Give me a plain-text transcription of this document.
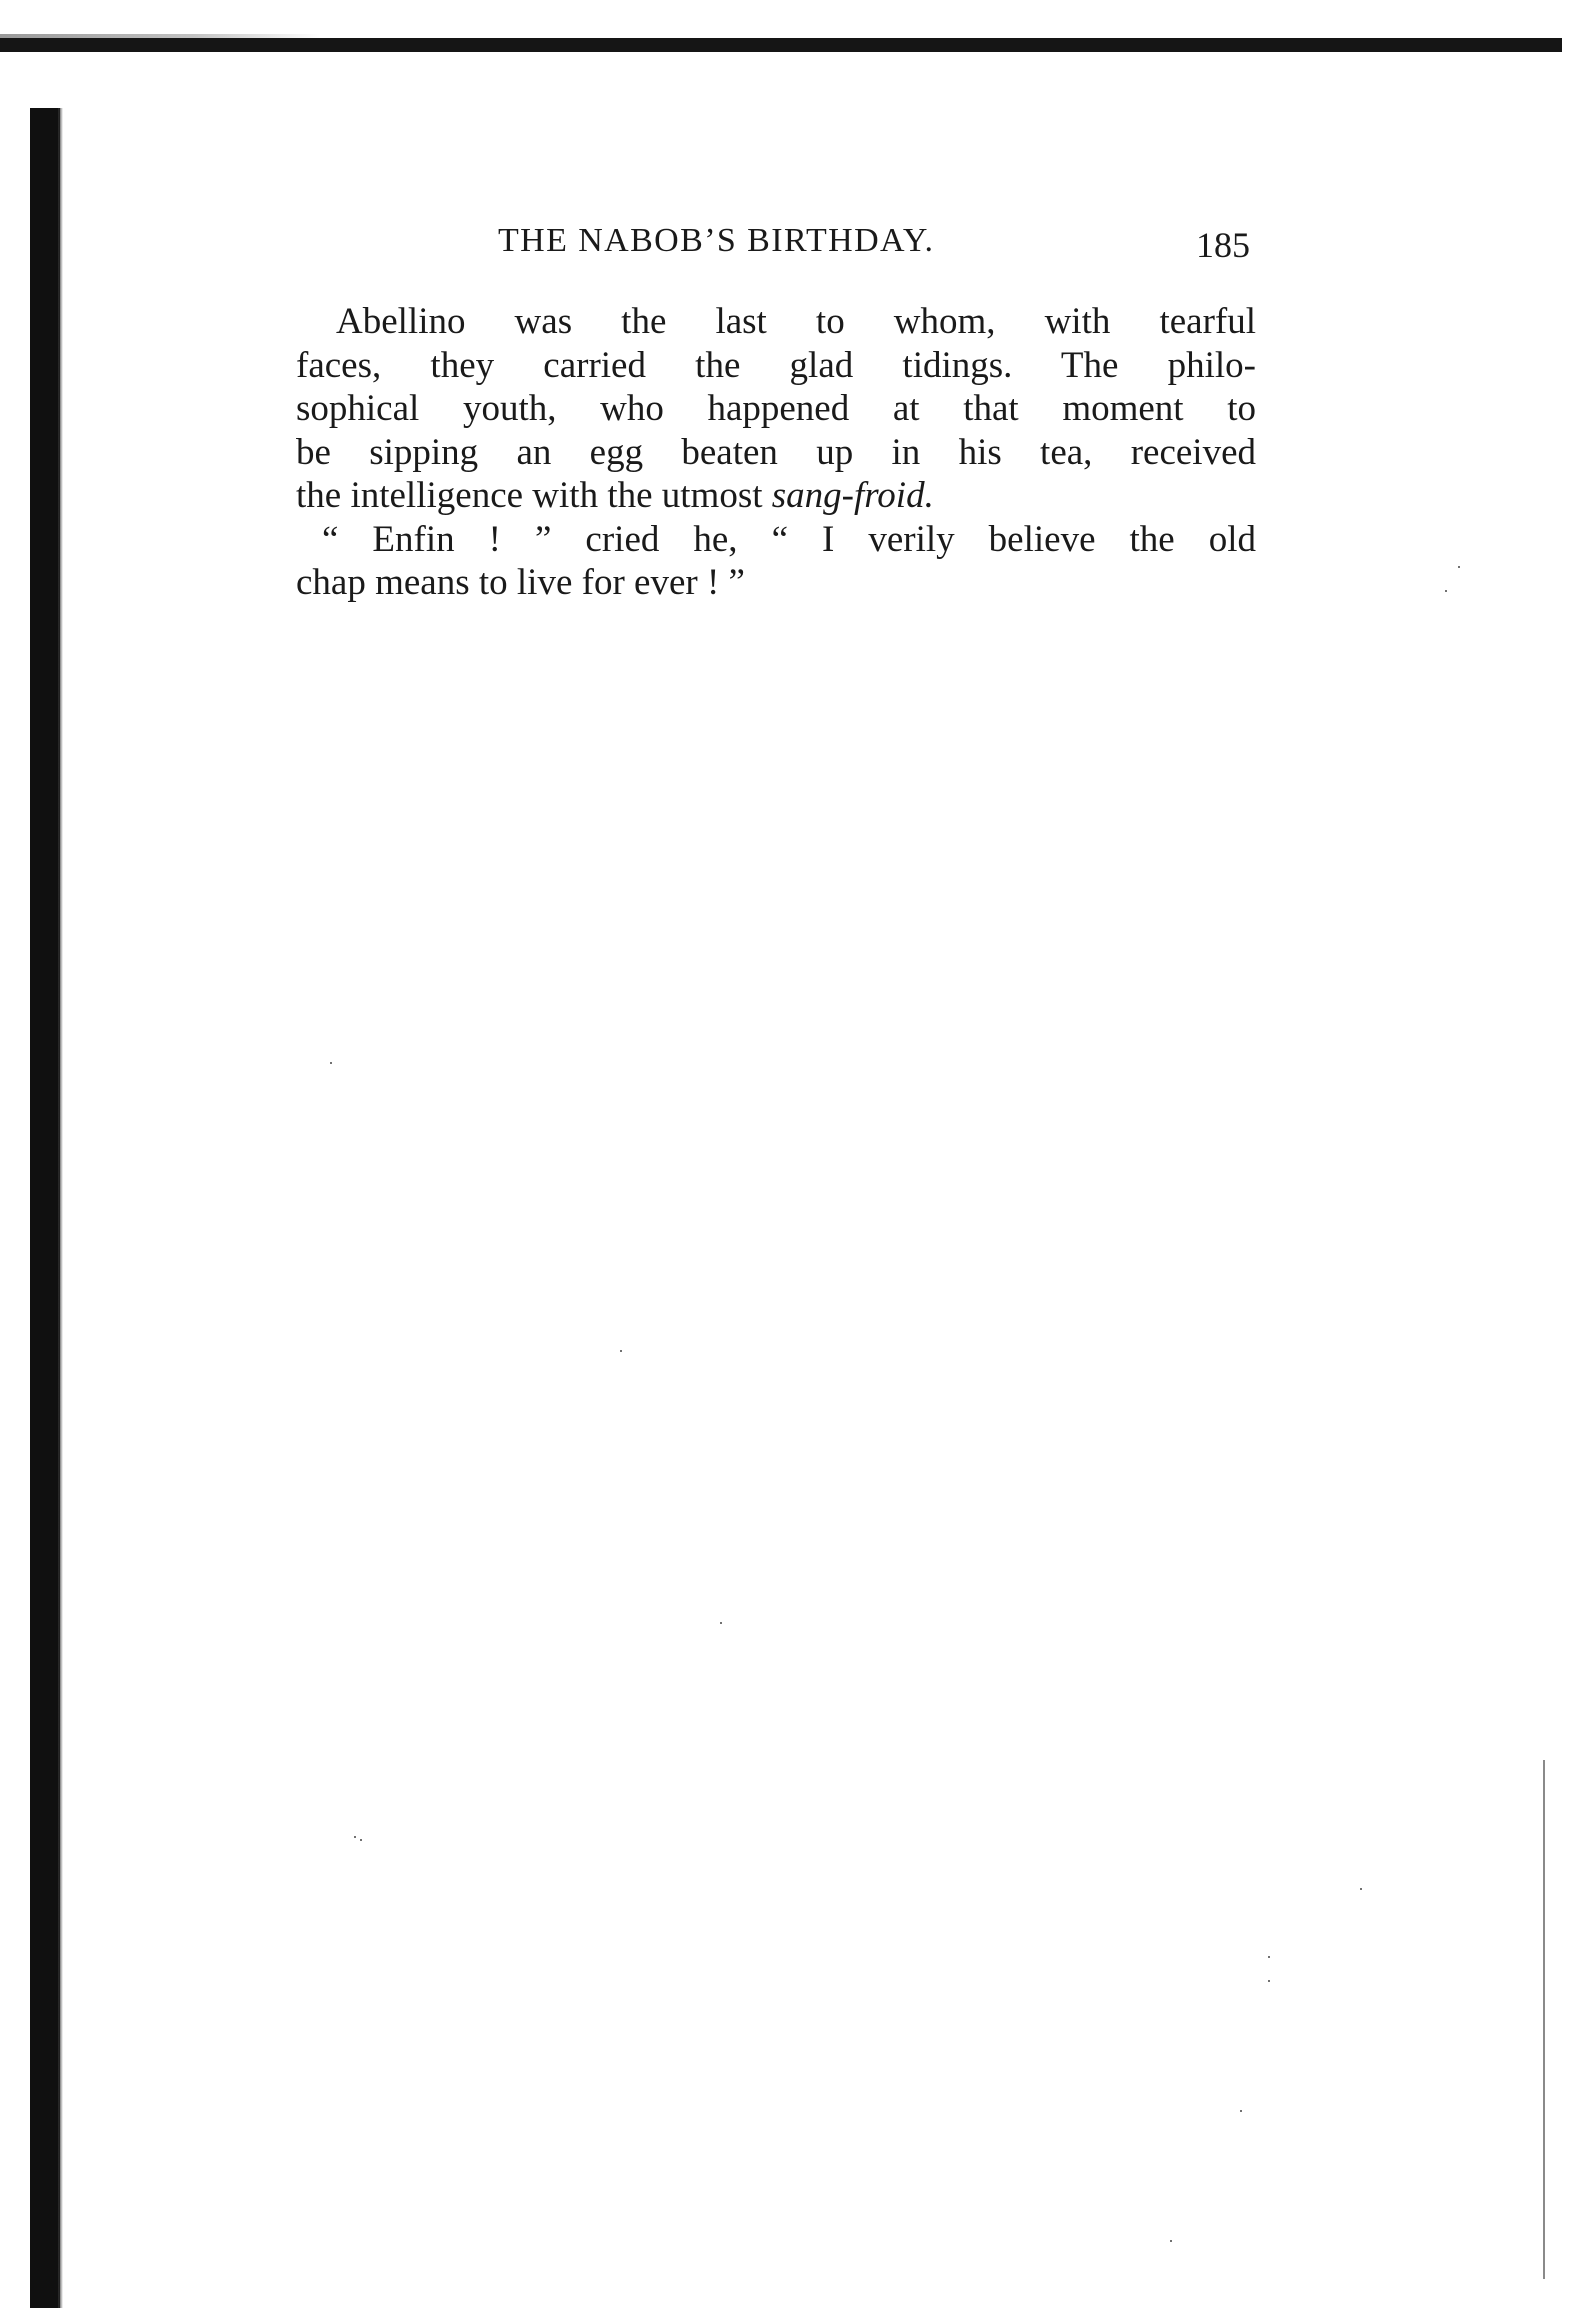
THE NABOB’S BIRTHDAY.	185

Abellino was the last to whom, with tearful
faces, they carried the glad tidings. The philo-
sophical youth, who happened at that moment to
be sipping an egg beaten up in his tea, received
the intelligence with the utmost sang-froid.

“ Enfin ! ” cried he, “ I verily believe the old
chap means to live for ever ! ”
